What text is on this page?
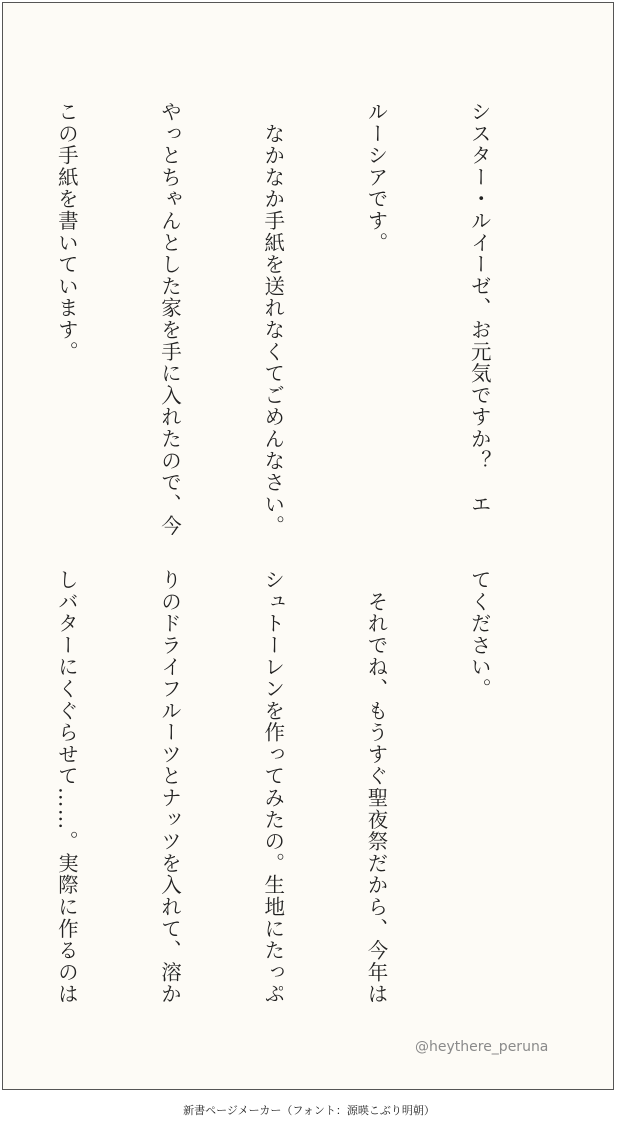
シスター・ルイーゼ、お元気ですか？　エ

ルーシアです。

　なかなか手紙を送れなくてごめんなさい。

やっとちゃんとした家を手に入れたので、今

この手紙を書いています。

てください。

　それでね、もうすぐ聖夜祭だから、今年は

シュトーレンを作ってみたの。生地にたっぷ

りのドライフルーツとナッツを入れて、溶か

しバターにくぐらせて……。実際に作るのは

@heythere_peruna
新書ページメーカー（フォント：源暎こぶり明朝）
